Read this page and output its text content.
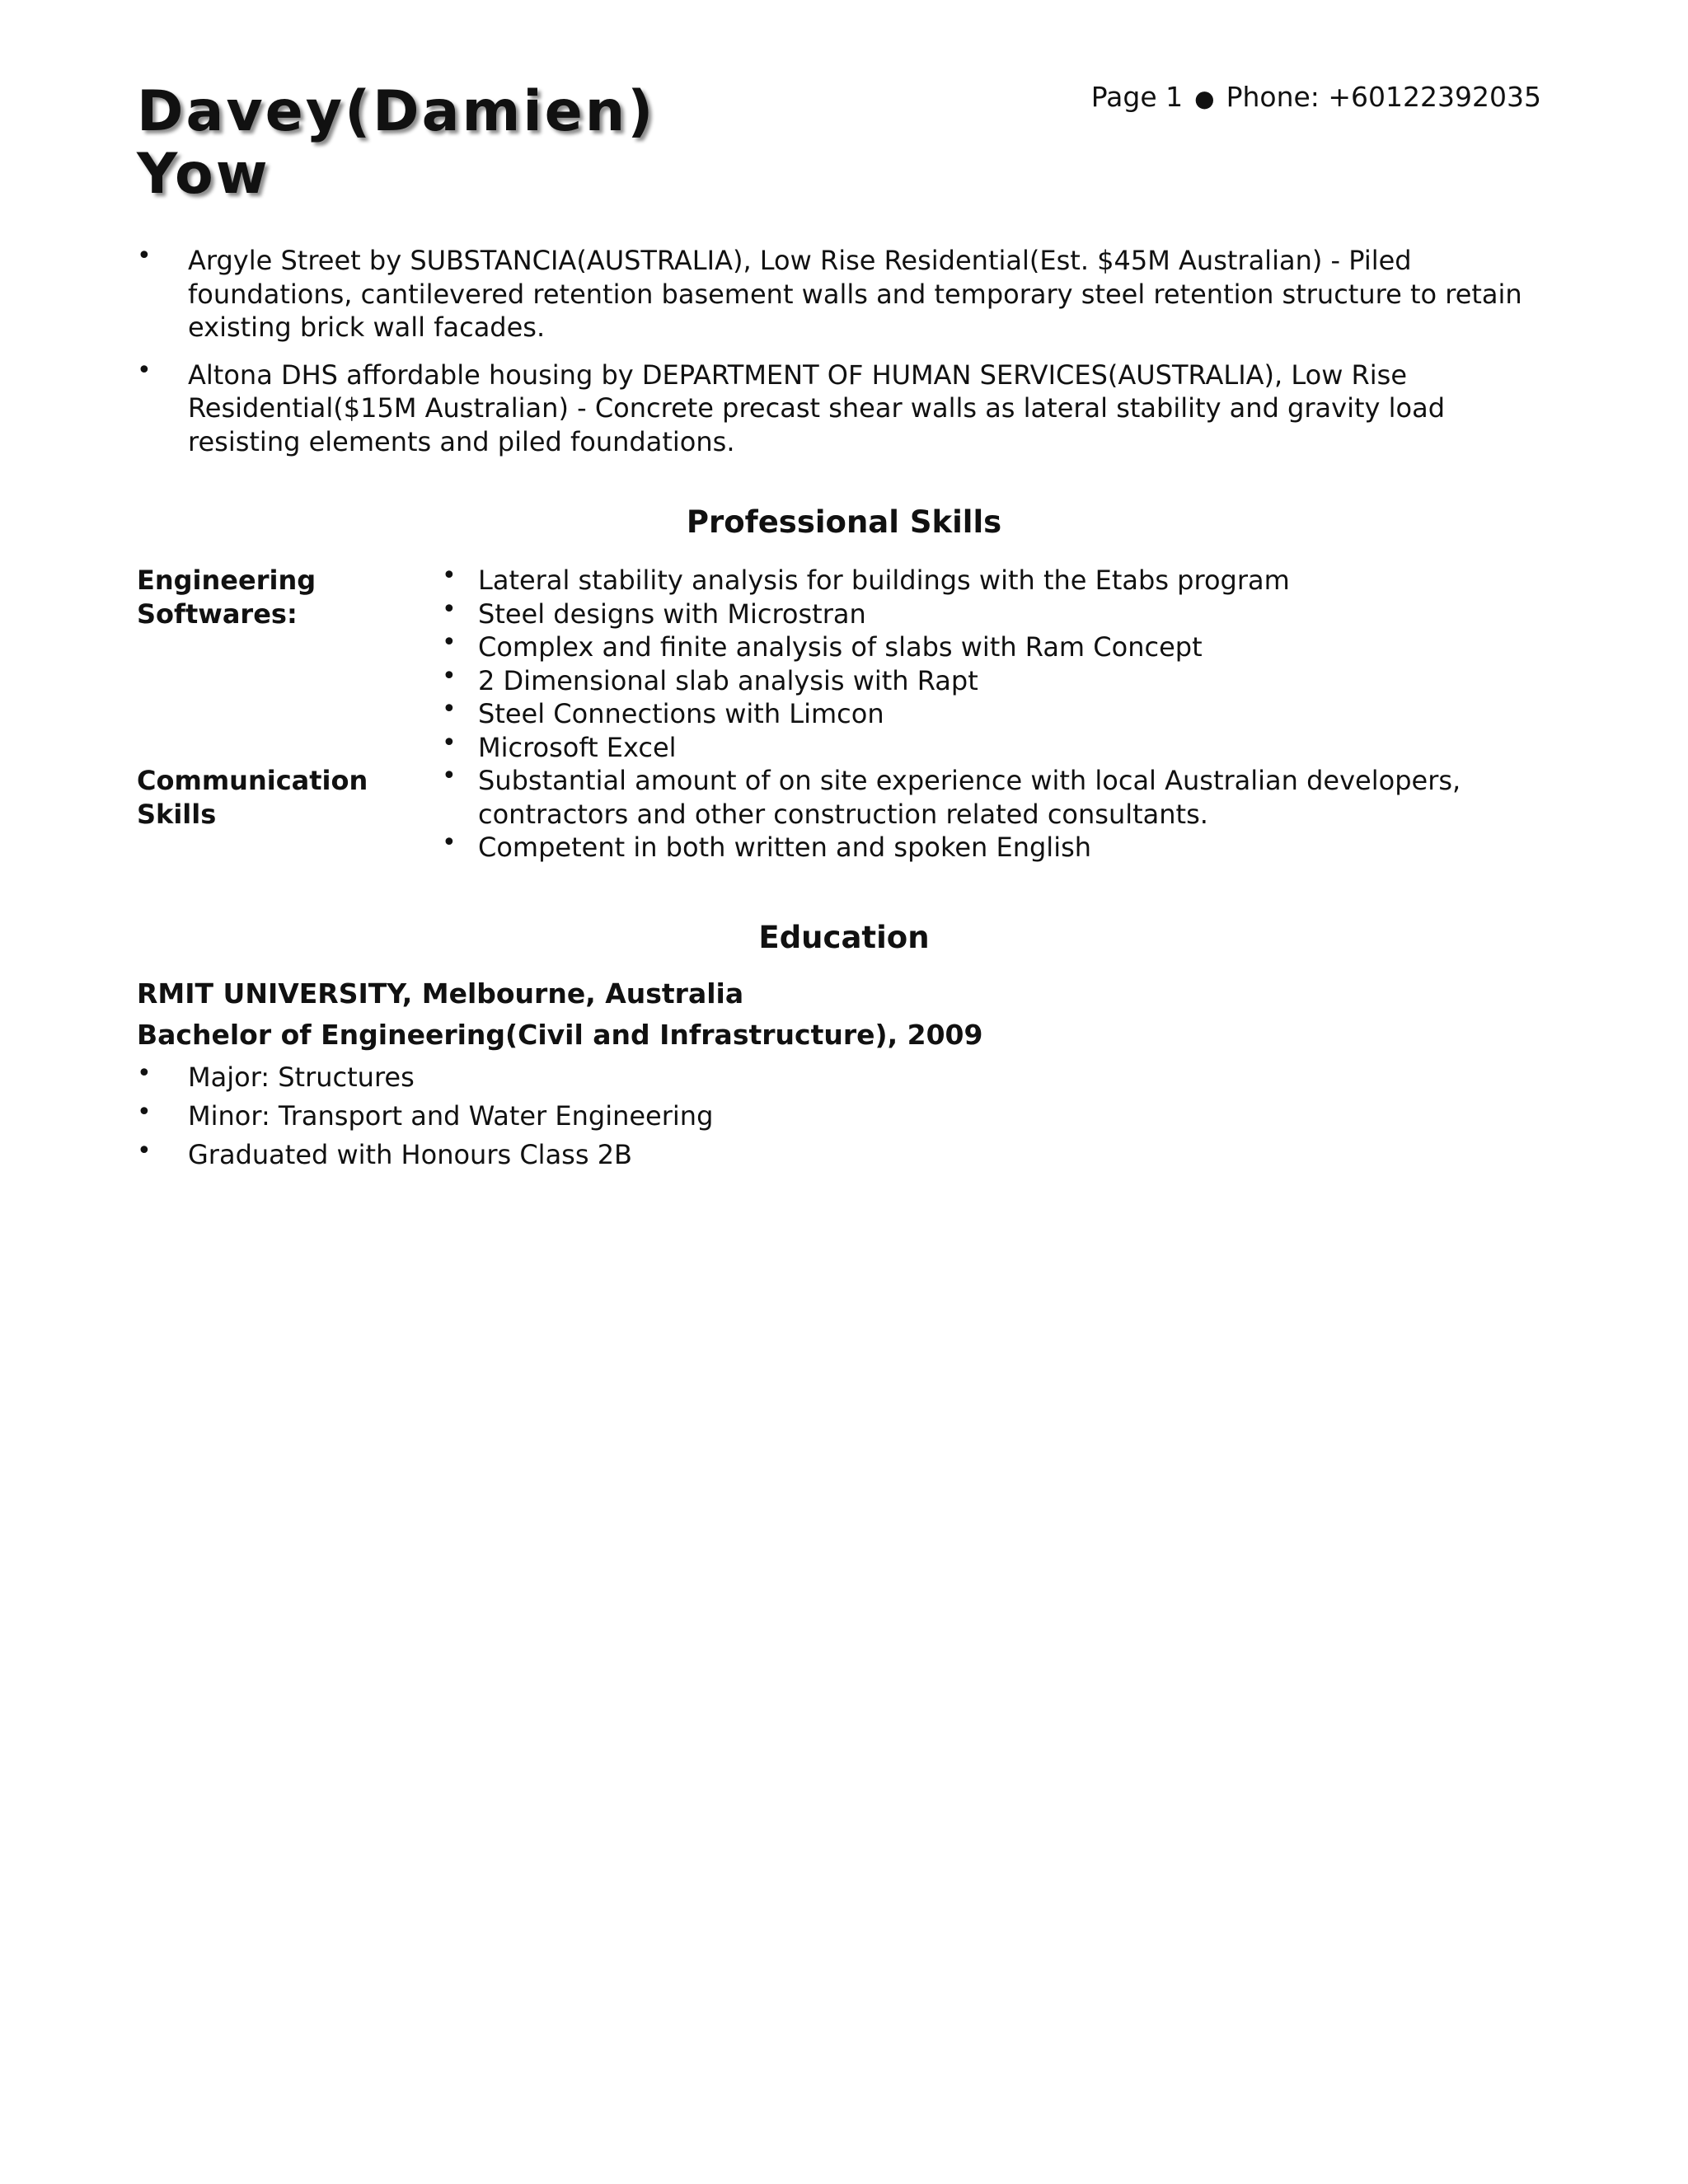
Davey(Damien) Yow
Page 1 ● Phone: +60122392035
• Argyle Street by SUBSTANCIA(AUSTRALIA), Low Rise Residential(Est. $45M Australian) - Piled foundations, cantilevered retention basement walls and temporary steel retention structure to retain existing brick wall facades.
• Altona DHS affordable housing by DEPARTMENT OF HUMAN SERVICES(AUSTRALIA), Low Rise Residential($15M Australian) - Concrete precast shear walls as lateral stability and gravity load resisting elements and piled foundations.
Professional Skills
Engineering Softwares:
• Lateral stability analysis for buildings with the Etabs program
• Steel designs with Microstran
• Complex and finite analysis of slabs with Ram Concept
• 2 Dimensional slab analysis with Rapt
• Steel Connections with Limcon
• Microsoft Excel
Communication Skills
• Substantial amount of on site experience with local Australian developers, contractors and other construction related consultants.
• Competent in both written and spoken English
Education
RMIT UNIVERSITY, Melbourne, Australia
Bachelor of Engineering(Civil and Infrastructure), 2009
• Major: Structures
• Minor: Transport and Water Engineering
• Graduated with Honours Class 2B
